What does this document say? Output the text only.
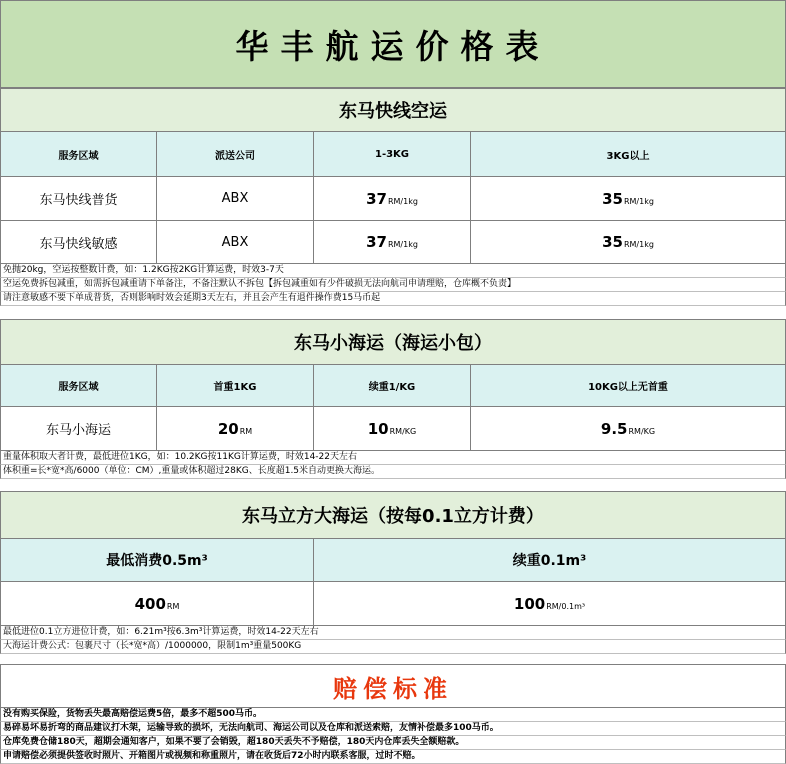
华丰航运价格表
东马快线空运
服务区域	派送公司	1-3KG	3KG以上
东马快线普货	ABX	37 RM/1kg	35 RM/1kg
东马快线敏感	ABX	37 RM/1kg	35 RM/1kg
免抛20kg，空运按整数计费，如：1.2KG按2KG计算运费，时效3-7天
空运免费拆包减重，如需拆包减重请下单备注，不备注默认不拆包【拆包减重如有少件破损无法向航司申请理赔，仓库概不负责】
请注意敏感不要下单成普货，否则影响时效会延期3天左右，并且会产生有退件操作费15马币起
东马小海运（海运小包）
服务区域	首重1KG	续重1/KG	10KG以上无首重
东马小海运	20 RM	10 RM/KG	9.5 RM/KG
重量体积取大者计费，最低进位1KG，如：10.2KG按11KG计算运费，时效14-22天左右
体积重=长*宽*高/6000（单位：CM）,重量或体积超过28KG、长度超1.5米自动更换大海运。
东马立方大海运（按每0.1立方计费）
最低消费0.5m³	续重0.1m³
400 RM	100 RM/0.1m³
最低进位0.1立方进位计费，如：6.21m³按6.3m³计算运费，时效14-22天左右
大海运计费公式：包裹尺寸（长*宽*高）/1000000，限制1m³重量500KG
赔偿标准
没有购买保险，货物丢失最高赔偿运费5倍，最多不超500马币。
易碎易坏易折弯的商品建议打木架，运输导致的损坏，无法向航司、海运公司以及仓库和派送索赔，友情补偿最多100马币。
仓库免费仓储180天，超期会通知客户，如果不要了会销毁，超180天丢失不予赔偿，180天内仓库丢失全额赔款。
申请赔偿必须提供签收时照片、开箱图片或视频和称重照片，请在收货后72小时内联系客服，过时不赔。
